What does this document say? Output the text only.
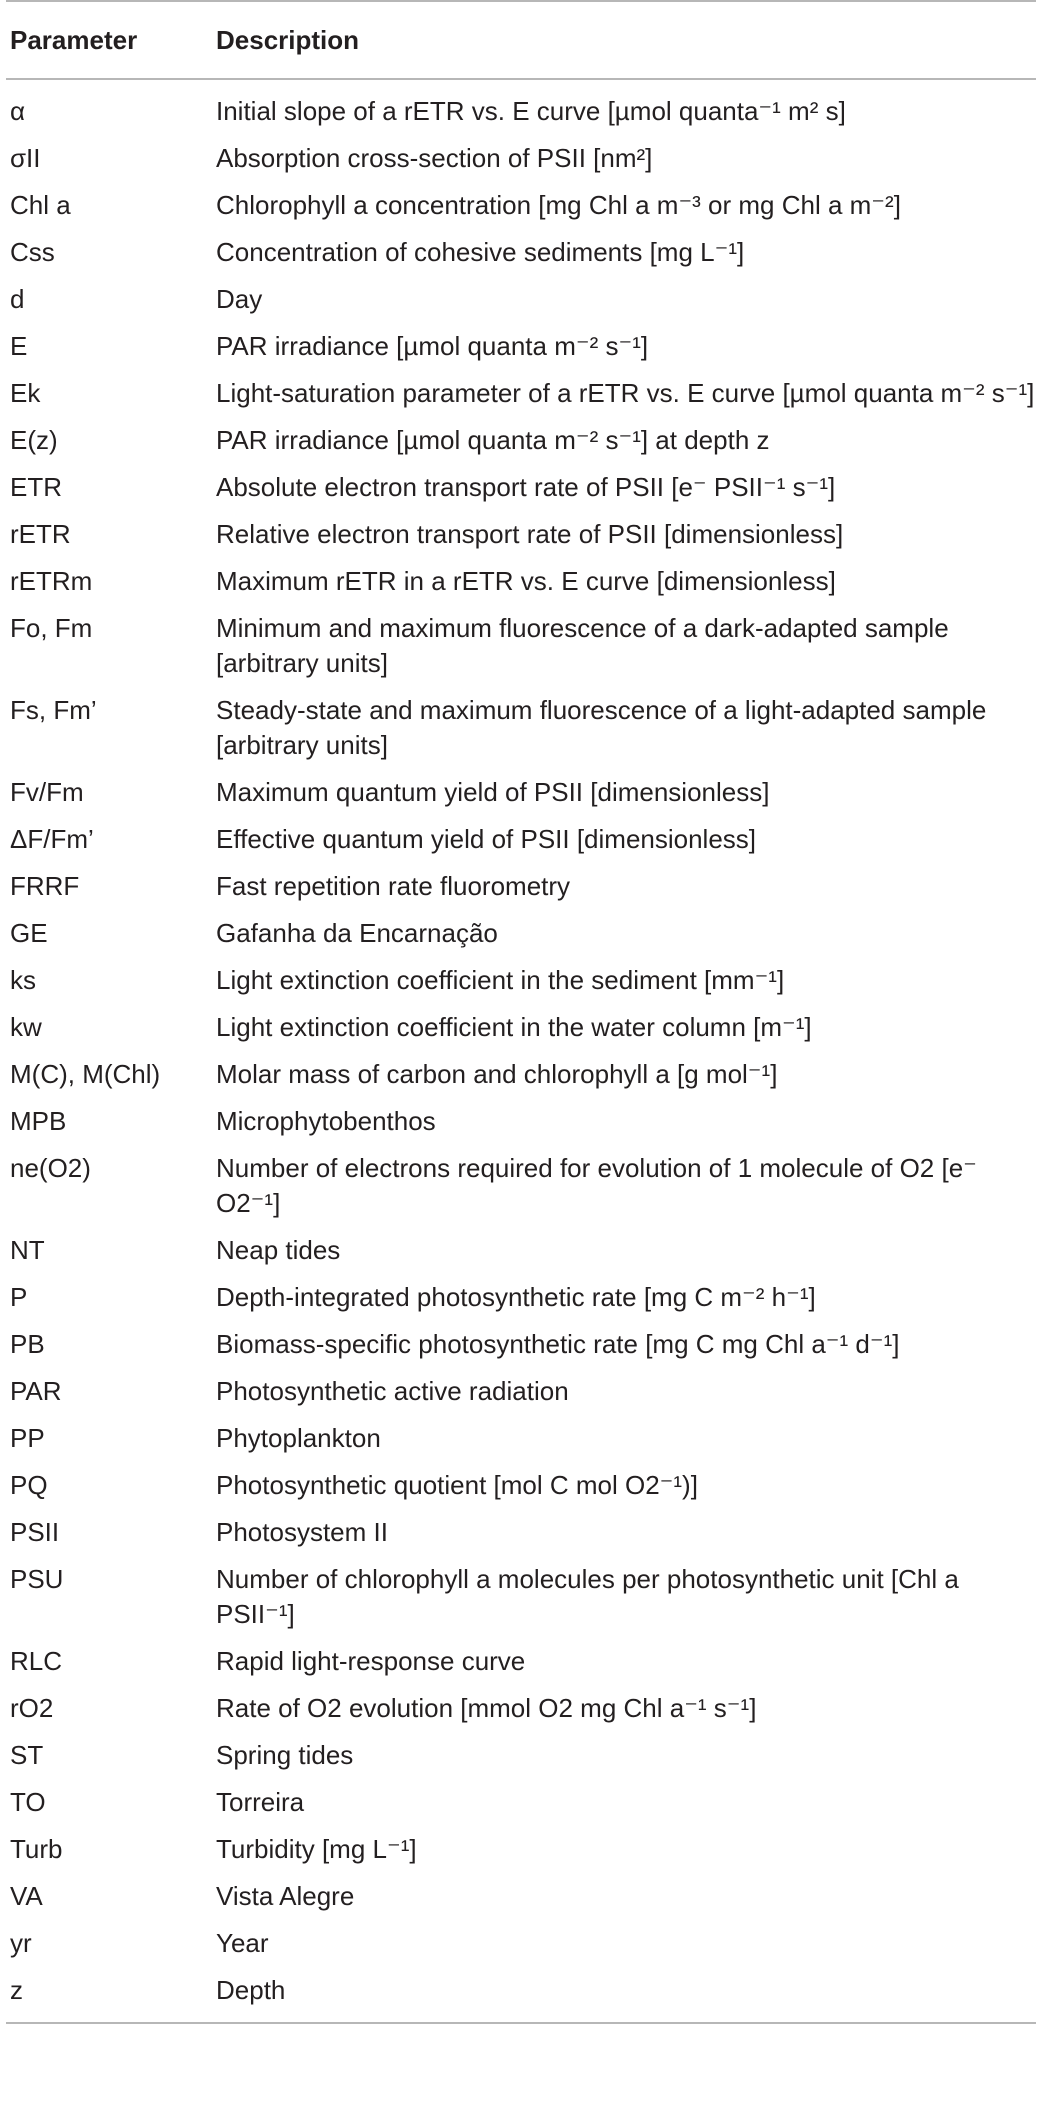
Parameter	Description
α	Initial slope of a rETR vs. E curve [µmol quanta⁻¹ m² s]
σII	Absorption cross-section of PSII [nm²]
Chl a	Chlorophyll a concentration [mg Chl a m⁻³ or mg Chl a m⁻²]
Css	Concentration of cohesive sediments [mg L⁻¹]
d	Day
E	PAR irradiance [µmol quanta m⁻² s⁻¹]
Ek	Light-saturation parameter of a rETR vs. E curve [µmol quanta m⁻² s⁻¹]
E(z)	PAR irradiance [µmol quanta m⁻² s⁻¹] at depth z
ETR	Absolute electron transport rate of PSII [e⁻ PSII⁻¹ s⁻¹]
rETR	Relative electron transport rate of PSII [dimensionless]
rETRm	Maximum rETR in a rETR vs. E curve [dimensionless]
Fo, Fm	Minimum and maximum fluorescence of a dark-adapted sample [arbitrary units]
Fs, Fm’	Steady-state and maximum fluorescence of a light-adapted sample [arbitrary units]
Fv/Fm	Maximum quantum yield of PSII [dimensionless]
ΔF/Fm’	Effective quantum yield of PSII [dimensionless]
FRRF	Fast repetition rate fluorometry
GE	Gafanha da Encarnação
ks	Light extinction coefficient in the sediment [mm⁻¹]
kw	Light extinction coefficient in the water column [m⁻¹]
M(C), M(Chl)	Molar mass of carbon and chlorophyll a [g mol⁻¹]
MPB	Microphytobenthos
ne(O2)	Number of electrons required for evolution of 1 molecule of O2 [e⁻ O2⁻¹]
NT	Neap tides
P	Depth-integrated photosynthetic rate [mg C m⁻² h⁻¹]
PB	Biomass-specific photosynthetic rate [mg C mg Chl a⁻¹ d⁻¹]
PAR	Photosynthetic active radiation
PP	Phytoplankton
PQ	Photosynthetic quotient [mol C mol O2⁻¹)]
PSII	Photosystem II
PSU	Number of chlorophyll a molecules per photosynthetic unit [Chl a PSII⁻¹]
RLC	Rapid light-response curve
rO2	Rate of O2 evolution [mmol O2 mg Chl a⁻¹ s⁻¹]
ST	Spring tides
TO	Torreira
Turb	Turbidity [mg L⁻¹]
VA	Vista Alegre
yr	Year
z	Depth
